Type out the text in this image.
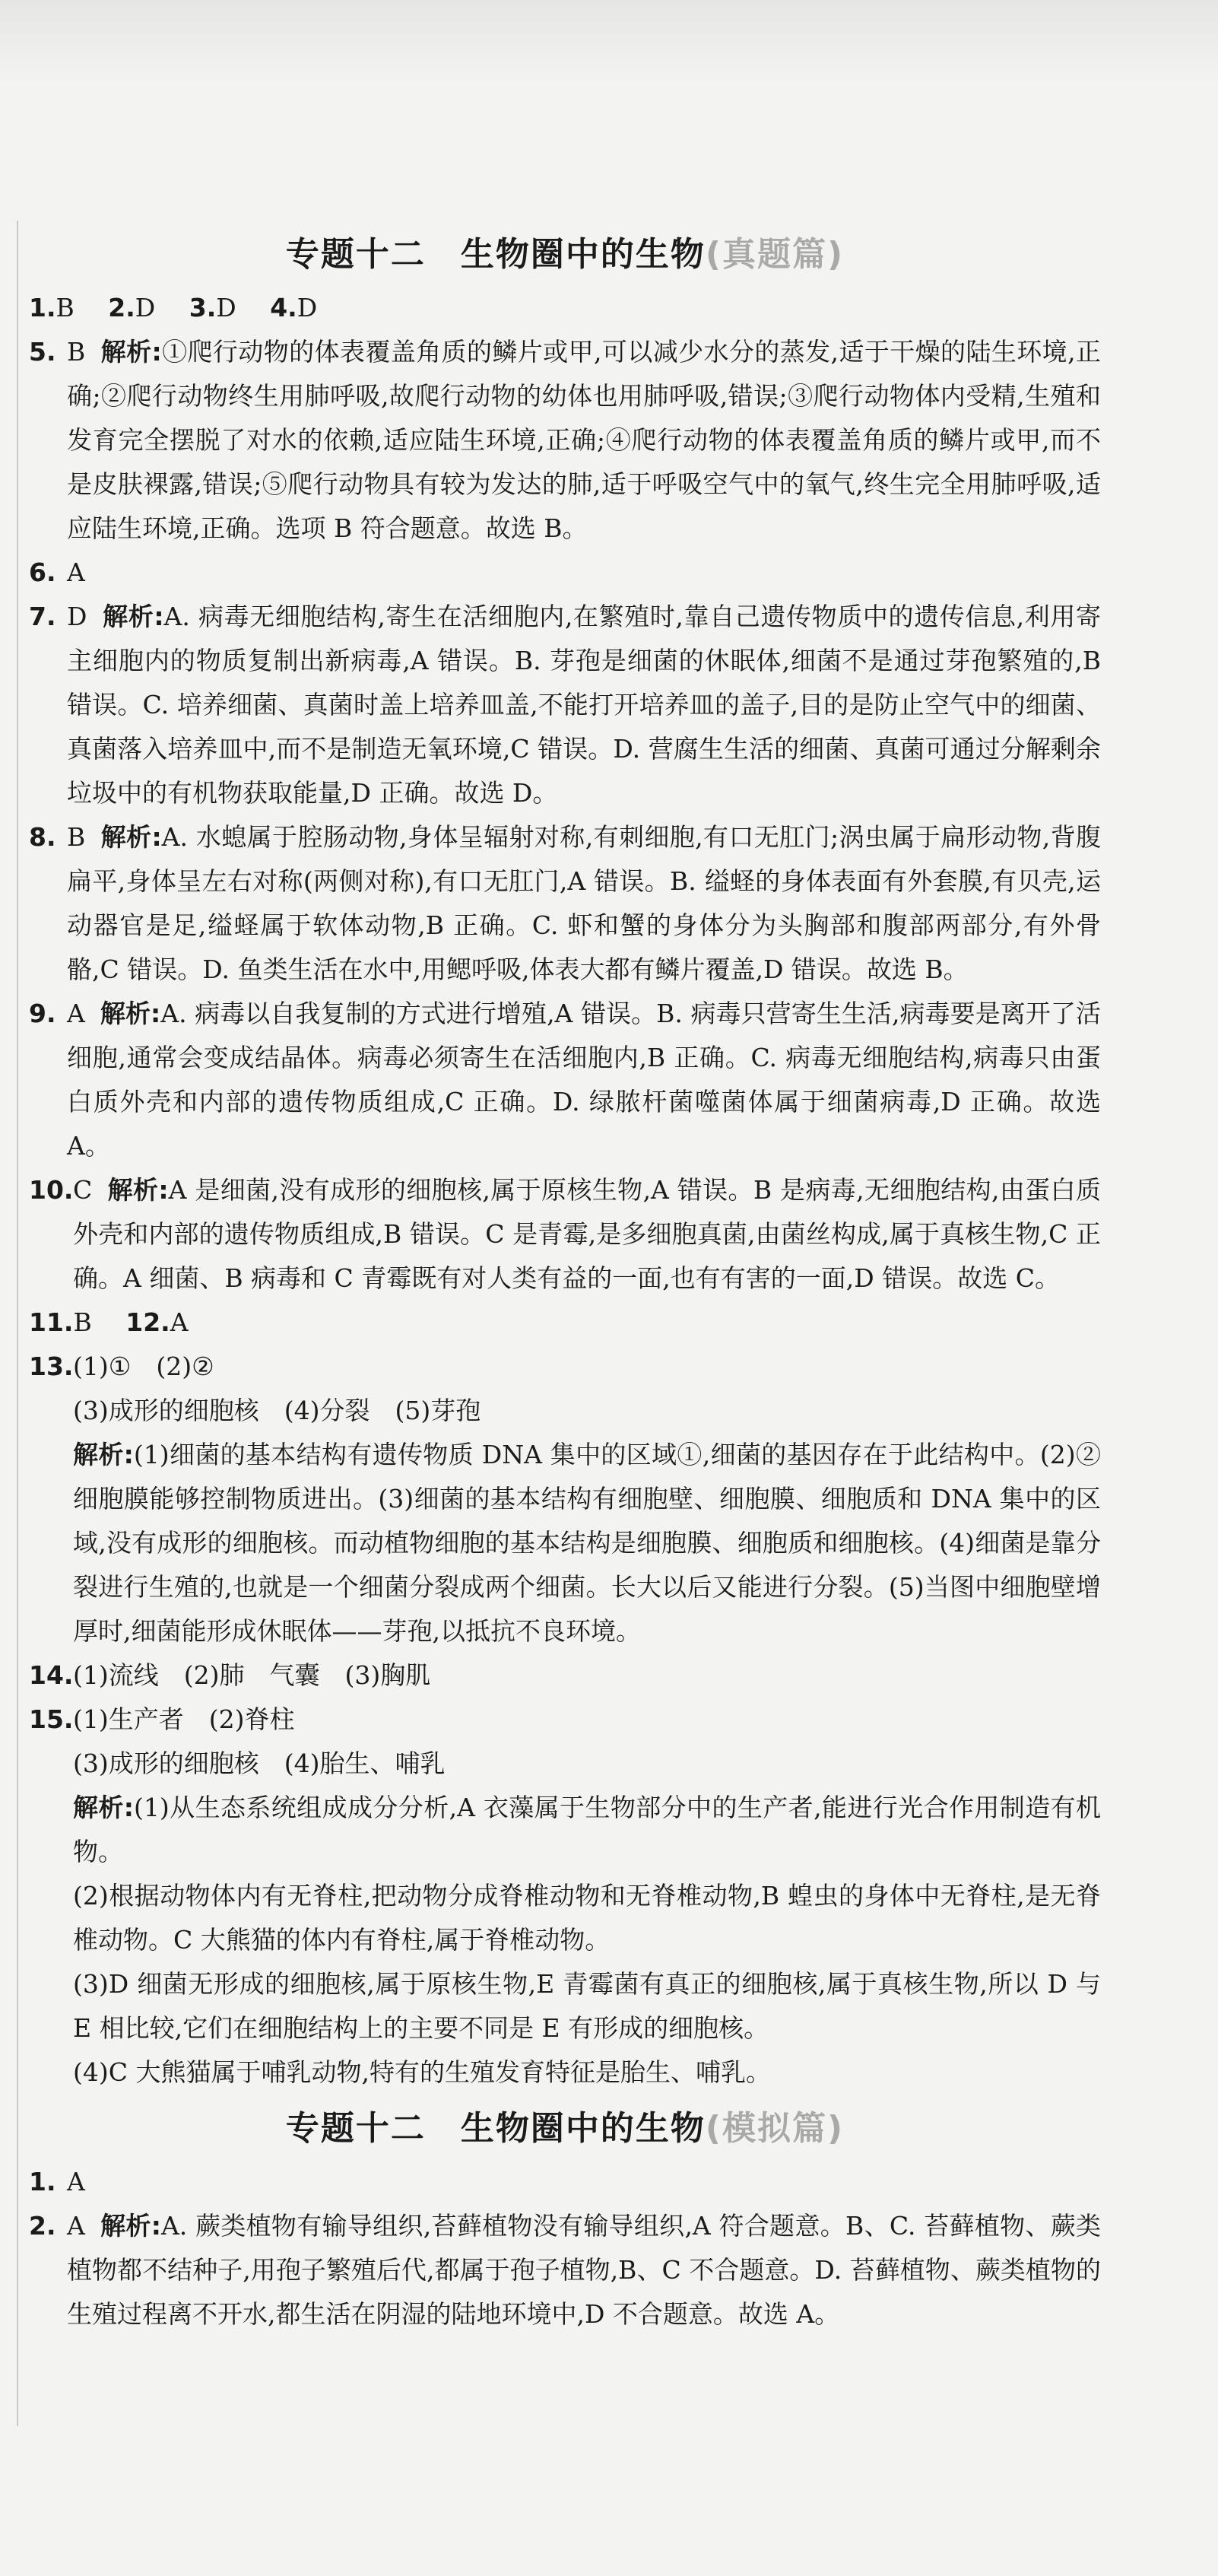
专题十二　生物圈中的生物(真题篇)
1.B 2.D 3.D 4.D
5. B 解析:①爬行动物的体表覆盖角质的鳞片或甲,可以减少水分的蒸发,适于干燥的陆生环境,正确;②爬行动物终生用肺呼吸,故爬行动物的幼体也用肺呼吸,错误;③爬行动物体内受精,生殖和发育完全摆脱了对水的依赖,适应陆生环境,正确;④爬行动物的体表覆盖角质的鳞片或甲,而不是皮肤裸露,错误;⑤爬行动物具有较为发达的肺,适于呼吸空气中的氧气,终生完全用肺呼吸,适应陆生环境,正确。选项 B 符合题意。故选 B。
6. A
7. D 解析:A. 病毒无细胞结构,寄生在活细胞内,在繁殖时,靠自己遗传物质中的遗传信息,利用寄主细胞内的物质复制出新病毒,A 错误。B. 芽孢是细菌的休眠体,细菌不是通过芽孢繁殖的,B 错误。C. 培养细菌、真菌时盖上培养皿盖,不能打开培养皿的盖子,目的是防止空气中的细菌、真菌落入培养皿中,而不是制造无氧环境,C 错误。D. 营腐生生活的细菌、真菌可通过分解剩余垃圾中的有机物获取能量,D 正确。故选 D。
8. B 解析:A. 水螅属于腔肠动物,身体呈辐射对称,有刺细胞,有口无肛门;涡虫属于扁形动物,背腹扁平,身体呈左右对称(两侧对称),有口无肛门,A 错误。B. 缢蛏的身体表面有外套膜,有贝壳,运动器官是足,缢蛏属于软体动物,B 正确。C. 虾和蟹的身体分为头胸部和腹部两部分,有外骨骼,C 错误。D. 鱼类生活在水中,用鳃呼吸,体表大都有鳞片覆盖,D 错误。故选 B。
9. A 解析:A. 病毒以自我复制的方式进行增殖,A 错误。B. 病毒只营寄生生活,病毒要是离开了活细胞,通常会变成结晶体。病毒必须寄生在活细胞内,B 正确。C. 病毒无细胞结构,病毒只由蛋白质外壳和内部的遗传物质组成,C 正确。D. 绿脓杆菌噬菌体属于细菌病毒,D 正确。故选 A。
10. C 解析:A 是细菌,没有成形的细胞核,属于原核生物,A 错误。B 是病毒,无细胞结构,由蛋白质外壳和内部的遗传物质组成,B 错误。C 是青霉,是多细胞真菌,由菌丝构成,属于真核生物,C 正确。A 细菌、B 病毒和 C 青霉既有对人类有益的一面,也有有害的一面,D 错误。故选 C。
11.B 12.A
13. (1)①　(2)②
(3)成形的细胞核　(4)分裂　(5)芽孢
解析:(1)细菌的基本结构有遗传物质 DNA 集中的区域①,细菌的基因存在于此结构中。(2)②细胞膜能够控制物质进出。(3)细菌的基本结构有细胞壁、细胞膜、细胞质和 DNA 集中的区域,没有成形的细胞核。而动植物细胞的基本结构是细胞膜、细胞质和细胞核。(4)细菌是靠分裂进行生殖的,也就是一个细菌分裂成两个细菌。长大以后又能进行分裂。(5)当图中细胞壁增厚时,细菌能形成休眠体——芽孢,以抵抗不良环境。
14. (1)流线　(2)肺　气囊　(3)胸肌
15. (1)生产者　(2)脊柱
(3)成形的细胞核　(4)胎生、哺乳
解析:(1)从生态系统组成成分分析,A 衣藻属于生物部分中的生产者,能进行光合作用制造有机物。
(2)根据动物体内有无脊柱,把动物分成脊椎动物和无脊椎动物,B 蝗虫的身体中无脊柱,是无脊椎动物。C 大熊猫的体内有脊柱,属于脊椎动物。
(3)D 细菌无形成的细胞核,属于原核生物,E 青霉菌有真正的细胞核,属于真核生物,所以 D 与 E 相比较,它们在细胞结构上的主要不同是 E 有形成的细胞核。
(4)C 大熊猫属于哺乳动物,特有的生殖发育特征是胎生、哺乳。
专题十二　生物圈中的生物(模拟篇)
1. A
2. A 解析:A. 蕨类植物有输导组织,苔藓植物没有输导组织,A 符合题意。B、C. 苔藓植物、蕨类植物都不结种子,用孢子繁殖后代,都属于孢子植物,B、C 不合题意。D. 苔藓植物、蕨类植物的生殖过程离不开水,都生活在阴湿的陆地环境中,D 不合题意。故选 A。
